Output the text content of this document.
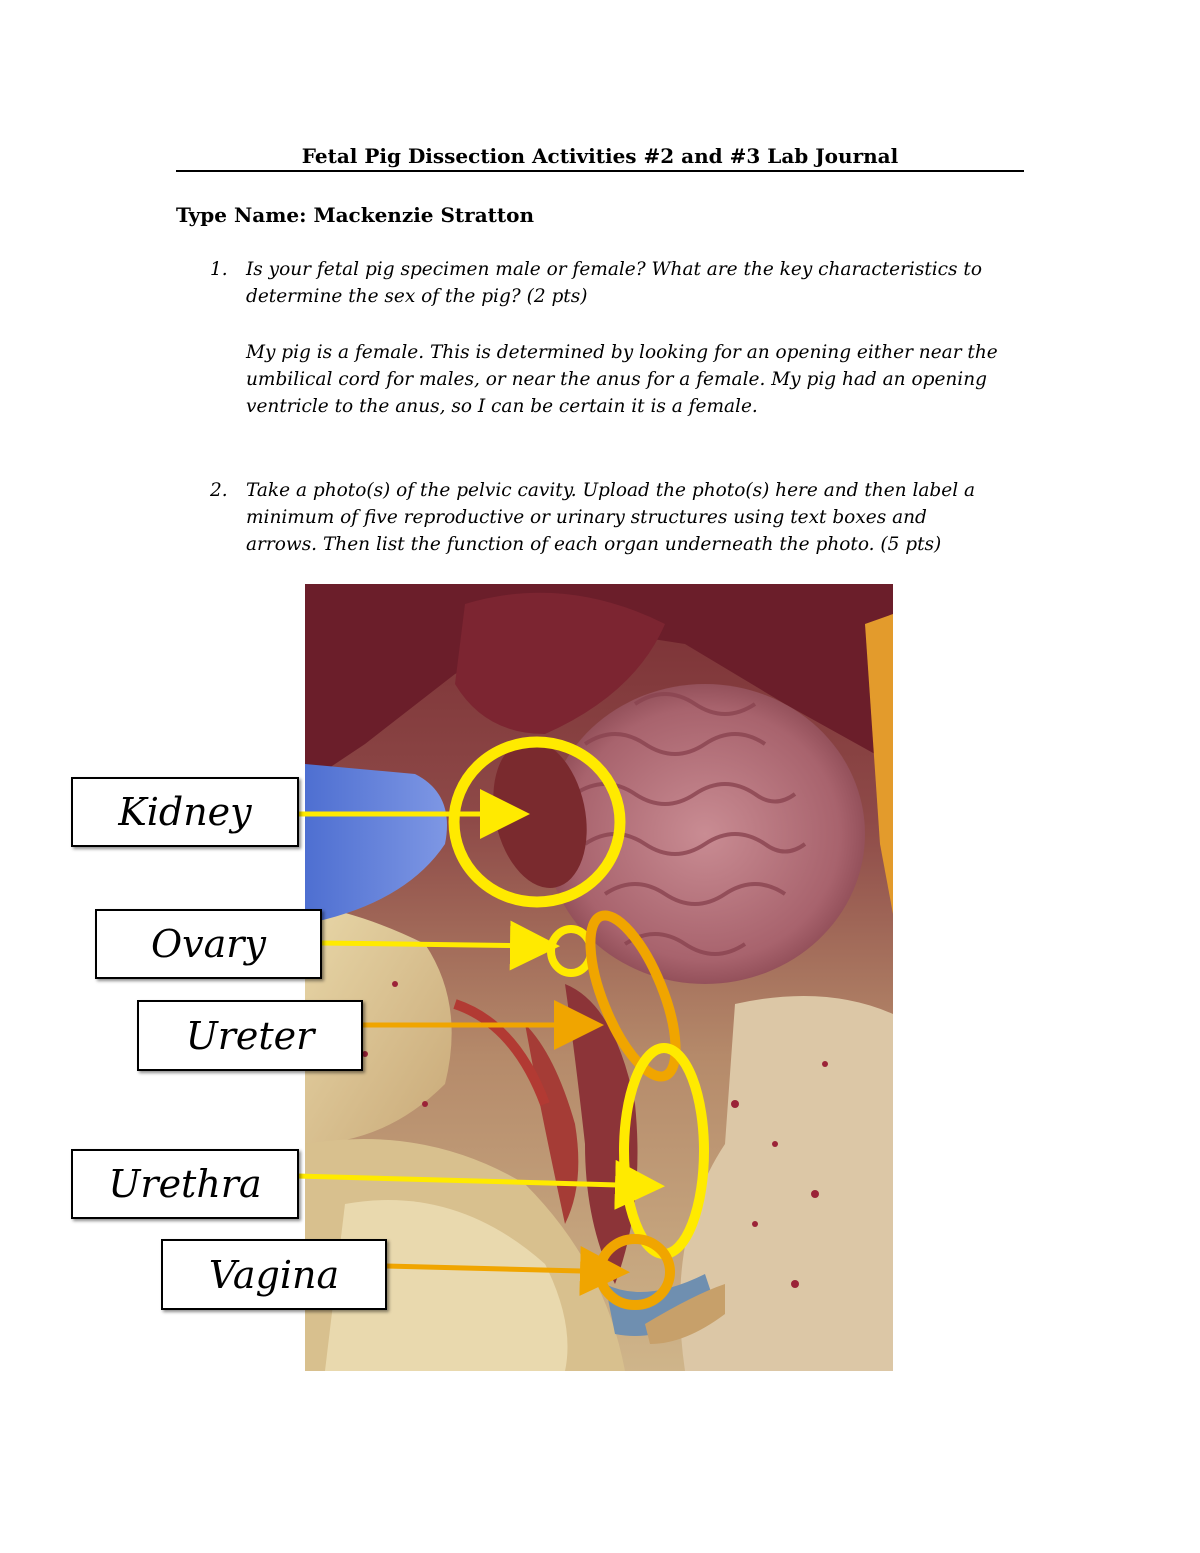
Fetal Pig Dissection Activities #2 and #3 Lab Journal
Type Name: Mackenzie Stratton
1. Is your fetal pig specimen male or female? What are the key characteristics to

determine the sex of the pig? (2 pts)

My pig is a female. This is determined by looking for an opening either near the

umbilical cord for males, or near the anus for a female. My pig had an opening

ventricle to the anus, so I can be certain it is a female.

2. Take a photo(s) of the pelvic cavity. Upload the photo(s) here and then label a

minimum of five reproductive or urinary structures using text boxes and

arrows. Then list the function of each organ underneath the photo. (5 pts)

Kidney
Ovary
Ureter
Urethra
Vagina
